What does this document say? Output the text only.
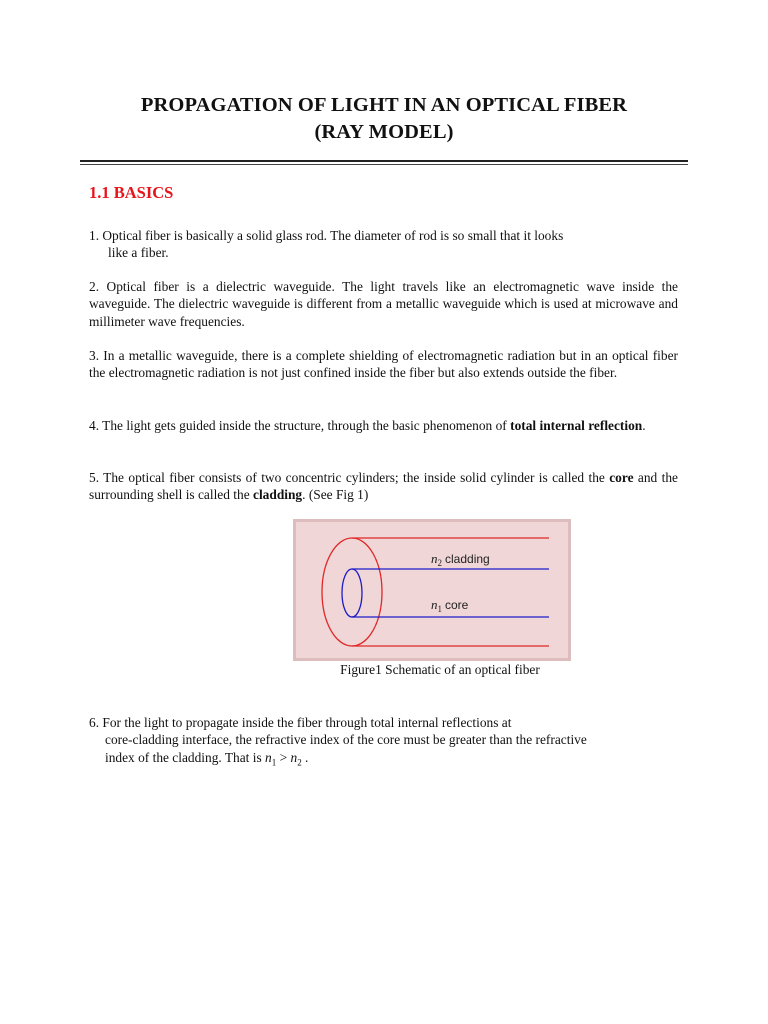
PROPAGATION OF LIGHT IN AN OPTICAL FIBER
(RAY MODEL)
1.1 BASICS
1. Optical fiber is basically a solid glass rod. The diameter of rod is so small that it looks
like a fiber.
2. Optical fiber is a dielectric waveguide. The light travels like an electromagnetic wave inside the waveguide. The dielectric waveguide is different from a metallic waveguide which is used at microwave and millimeter wave frequencies.
3. In a metallic waveguide, there is a complete shielding of electromagnetic radiation but in an optical fiber the electromagnetic radiation is not just confined inside the fiber but also extends outside the fiber.
4. The light gets guided inside the structure, through the basic phenomenon of total internal reflection.
5. The optical fiber consists of two concentric cylinders; the inside solid cylinder is called the core and the surrounding shell is called the cladding. (See Fig 1)
$n_2$ cladding
$n_1$ core
Figure1 Schematic of an optical fiber
6. For the light to propagate inside the fiber through total internal reflections at
core-cladding interface, the refractive index of the core must be greater than the refractive
index of the cladding. That is $n_1 > n_2$ .
